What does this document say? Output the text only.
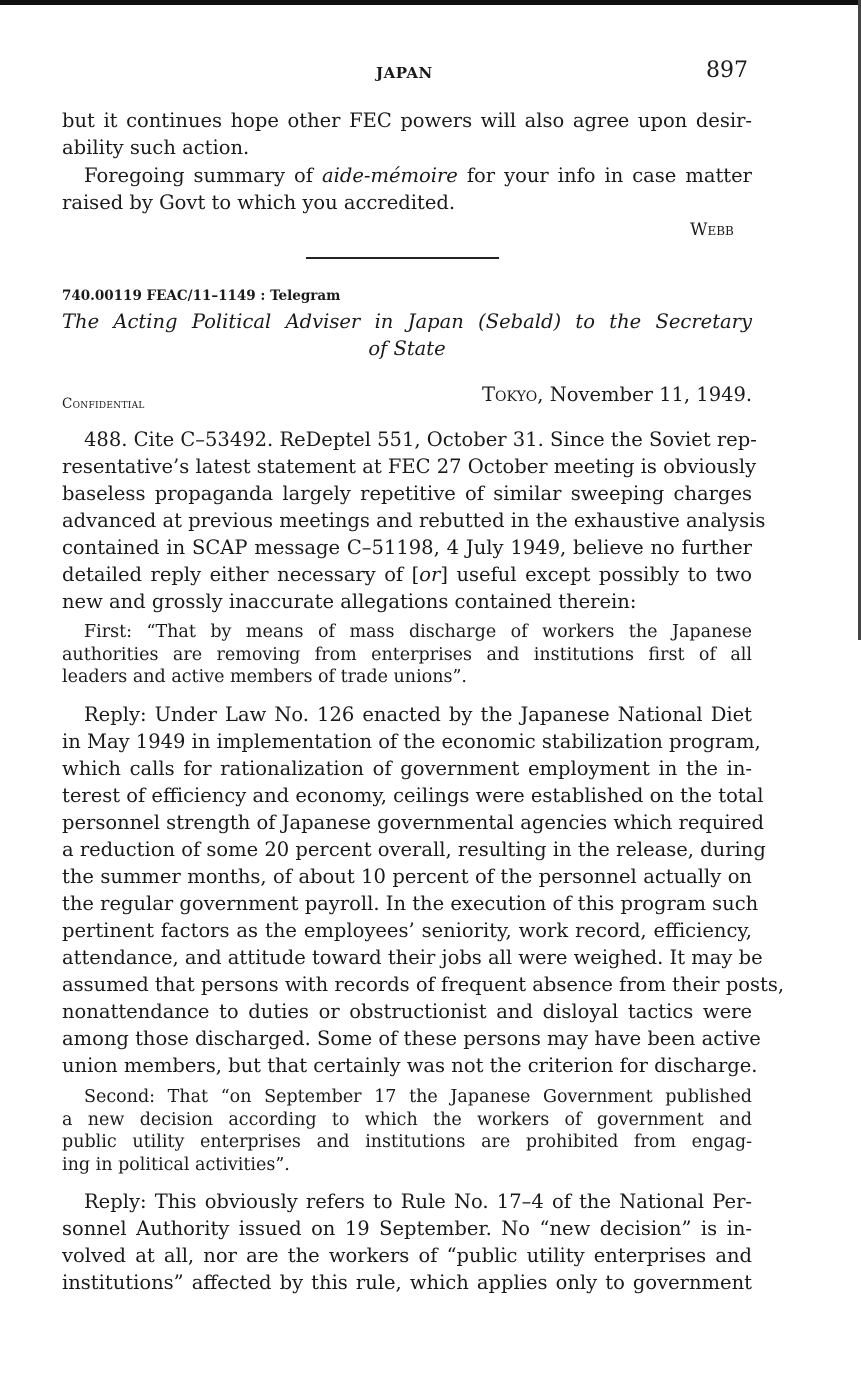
JAPAN	897
but it continues hope other FEC powers will also agree upon desir-
ability such action.
Foregoing summary of aide-mémoire for your info in case matter
raised by Govt to which you accredited.
Webb
740.00119 FEAC/11–1149 : Telegram
The Acting Political Adviser in Japan (Sebald) to the Secretary
of State
Confidential	Tokyo, November 11, 1949.
488. Cite C–53492. ReDeptel 551, October 31. Since the Soviet rep-
resentative’s latest statement at FEC 27 October meeting is obviously
baseless propaganda largely repetitive of similar sweeping charges
advanced at previous meetings and rebutted in the exhaustive analysis
contained in SCAP message C–51198, 4 July 1949, believe no further
detailed reply either necessary of [or] useful except possibly to two
new and grossly inaccurate allegations contained therein:
First: “That by means of mass discharge of workers the Japanese
authorities are removing from enterprises and institutions first of all
leaders and active members of trade unions”.
Reply: Under Law No. 126 enacted by the Japanese National Diet
in May 1949 in implementation of the economic stabilization program,
which calls for rationalization of government employment in the in-
terest of efficiency and economy, ceilings were established on the total
personnel strength of Japanese governmental agencies which required
a reduction of some 20 percent overall, resulting in the release, during
the summer months, of about 10 percent of the personnel actually on
the regular government payroll. In the execution of this program such
pertinent factors as the employees’ seniority, work record, efficiency,
attendance, and attitude toward their jobs all were weighed. It may be
assumed that persons with records of frequent absence from their posts,
nonattendance to duties or obstructionist and disloyal tactics were
among those discharged. Some of these persons may have been active
union members, but that certainly was not the criterion for discharge.
Second: That “on September 17 the Japanese Government published
a new decision according to which the workers of government and
public utility enterprises and institutions are prohibited from engag-
ing in political activities”.
Reply: This obviously refers to Rule No. 17–4 of the National Per-
sonnel Authority issued on 19 September. No “new decision” is in-
volved at all, nor are the workers of “public utility enterprises and
institutions” affected by this rule, which applies only to government
